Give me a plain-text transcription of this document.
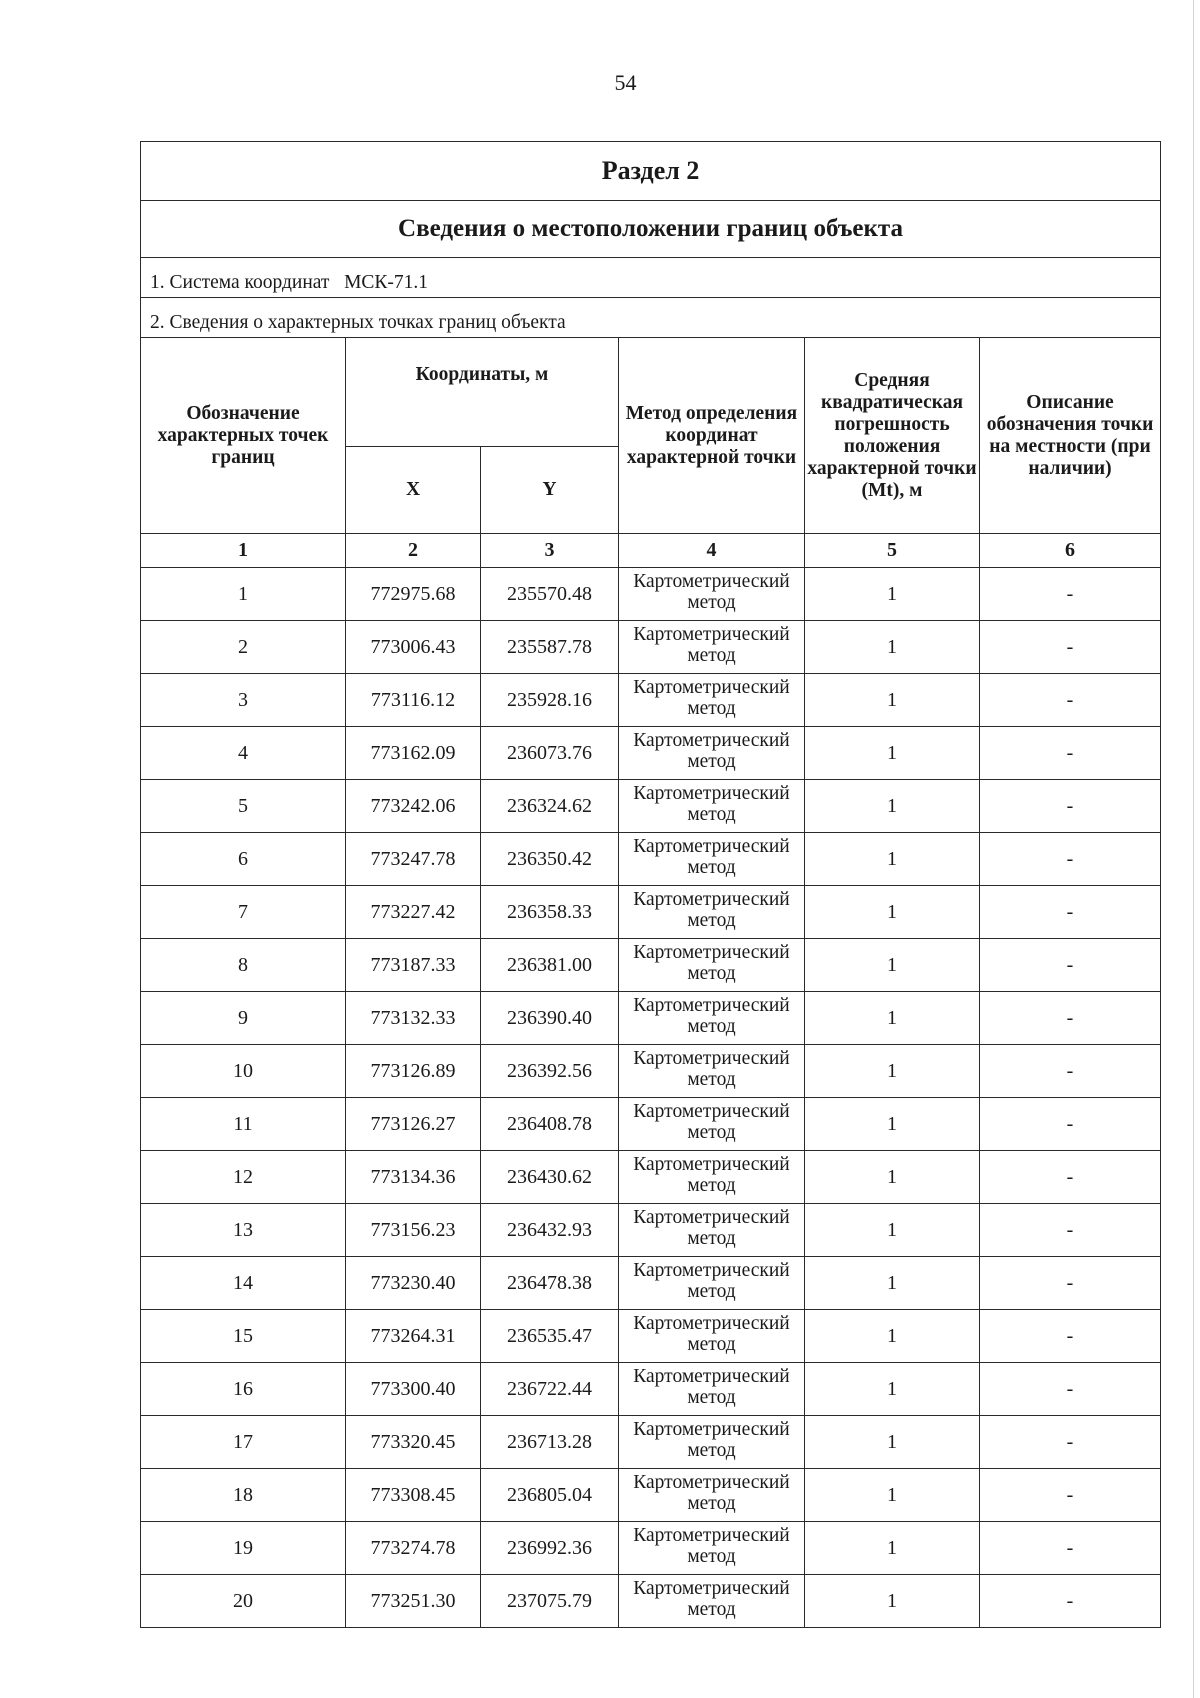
54
Раздел 2					
Сведения о местоположении границ объекта					
1. Система координат МСК-71.1					
2. Сведения о характерных точках границ объекта					
Обозначение характерных точек границ	Координаты, м		Метод определения координат характерной точки	Средняя квадратическая погрешность положения характерной точки (Mt), м	Описание обозначения точки на местности (при наличии)
	X	Y			
1	2	3	4	5	6
1	772975.68	235570.48	Картометрический метод	1	-
2	773006.43	235587.78	Картометрический метод	1	-
3	773116.12	235928.16	Картометрический метод	1	-
4	773162.09	236073.76	Картометрический метод	1	-
5	773242.06	236324.62	Картометрический метод	1	-
6	773247.78	236350.42	Картометрический метод	1	-
7	773227.42	236358.33	Картометрический метод	1	-
8	773187.33	236381.00	Картометрический метод	1	-
9	773132.33	236390.40	Картометрический метод	1	-
10	773126.89	236392.56	Картометрический метод	1	-
11	773126.27	236408.78	Картометрический метод	1	-
12	773134.36	236430.62	Картометрический метод	1	-
13	773156.23	236432.93	Картометрический метод	1	-
14	773230.40	236478.38	Картометрический метод	1	-
15	773264.31	236535.47	Картометрический метод	1	-
16	773300.40	236722.44	Картометрический метод	1	-
17	773320.45	236713.28	Картометрический метод	1	-
18	773308.45	236805.04	Картометрический метод	1	-
19	773274.78	236992.36	Картометрический метод	1	-
20	773251.30	237075.79	Картометрический метод	1	-
